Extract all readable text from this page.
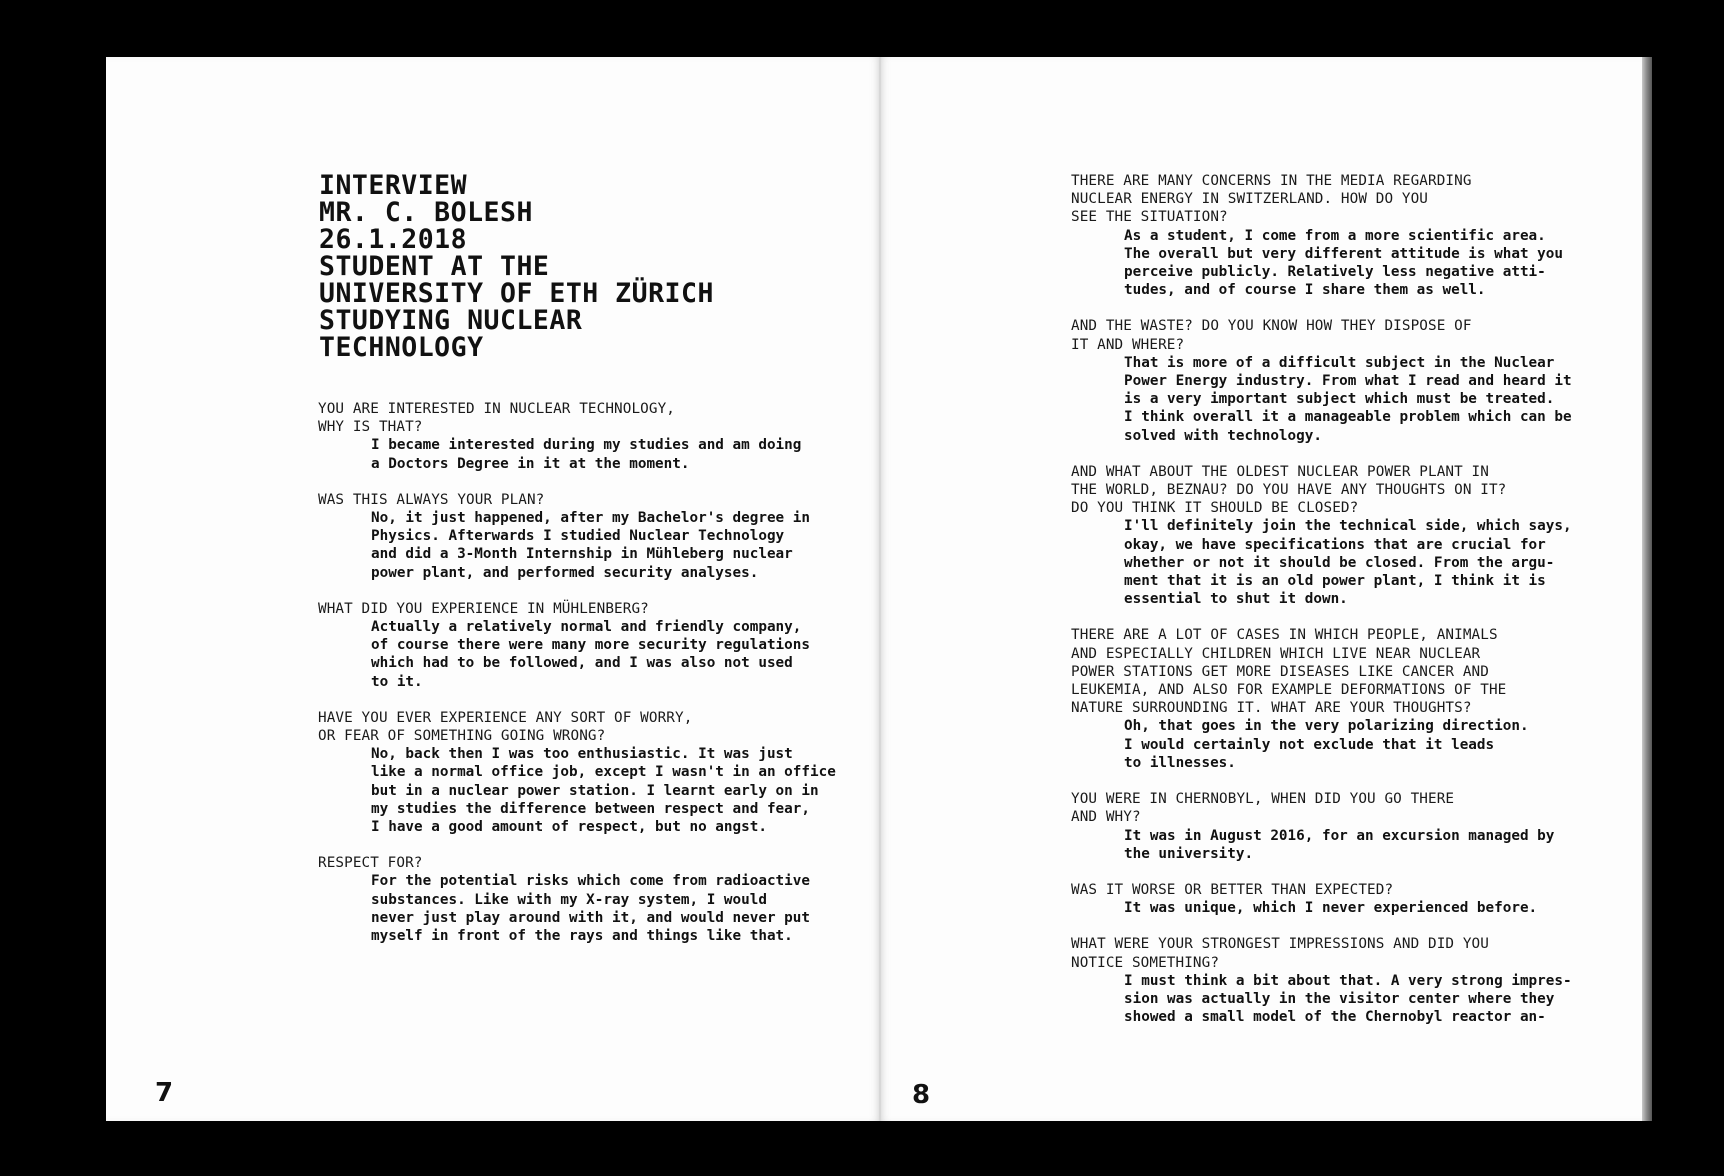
INTERVIEW
MR. C. BOLESH
26.1.2018
STUDENT AT THE
UNIVERSITY OF ETH ZÜRICH
STUDYING NUCLEAR
TECHNOLOGY
YOU ARE INTERESTED IN NUCLEAR TECHNOLOGY,
WHY IS THAT?
I became interested during my studies and am doing
a Doctors Degree in it at the moment.
WAS THIS ALWAYS YOUR PLAN?
No, it just happened, after my Bachelor's degree in
Physics. Afterwards I studied Nuclear Technology
and did a 3-Month Internship in Mühleberg nuclear
power plant, and performed security analyses.
WHAT DID YOU EXPERIENCE IN MÜHLENBERG?
Actually a relatively normal and friendly company,
of course there were many more security regulations
which had to be followed, and I was also not used
to it.
HAVE YOU EVER EXPERIENCE ANY SORT OF WORRY,
OR FEAR OF SOMETHING GOING WRONG?
No, back then I was too enthusiastic. It was just
like a normal office job, except I wasn't in an office
but in a nuclear power station. I learnt early on in
my studies the difference between respect and fear,
I have a good amount of respect, but no angst.
RESPECT FOR?
For the potential risks which come from radioactive
substances. Like with my X-ray system, I would
never just play around with it, and would never put
myself in front of the rays and things like that.
THERE ARE MANY CONCERNS IN THE MEDIA REGARDING
NUCLEAR ENERGY IN SWITZERLAND. HOW DO YOU
SEE THE SITUATION?
As a student, I come from a more scientific area.
The overall but very different attitude is what you
perceive publicly. Relatively less negative atti-
tudes, and of course I share them as well.
AND THE WASTE? DO YOU KNOW HOW THEY DISPOSE OF
IT AND WHERE?
That is more of a difficult subject in the Nuclear
Power Energy industry. From what I read and heard it
is a very important subject which must be treated.
I think overall it a manageable problem which can be
solved with technology.
AND WHAT ABOUT THE OLDEST NUCLEAR POWER PLANT IN
THE WORLD, BEZNAU? DO YOU HAVE ANY THOUGHTS ON IT?
DO YOU THINK IT SHOULD BE CLOSED?
I'll definitely join the technical side, which says,
okay, we have specifications that are crucial for
whether or not it should be closed. From the argu-
ment that it is an old power plant, I think it is
essential to shut it down.
THERE ARE A LOT OF CASES IN WHICH PEOPLE, ANIMALS
AND ESPECIALLY CHILDREN WHICH LIVE NEAR NUCLEAR
POWER STATIONS GET MORE DISEASES LIKE CANCER AND
LEUKEMIA, AND ALSO FOR EXAMPLE DEFORMATIONS OF THE
NATURE SURROUNDING IT. WHAT ARE YOUR THOUGHTS?
Oh, that goes in the very polarizing direction.
I would certainly not exclude that it leads
to illnesses.
YOU WERE IN CHERNOBYL, WHEN DID YOU GO THERE
AND WHY?
It was in August 2016, for an excursion managed by
the university.
WAS IT WORSE OR BETTER THAN EXPECTED?
It was unique, which I never experienced before.
WHAT WERE YOUR STRONGEST IMPRESSIONS AND DID YOU
NOTICE SOMETHING?
I must think a bit about that. A very strong impres-
sion was actually in the visitor center where they
showed a small model of the Chernobyl reactor an-
7	8
